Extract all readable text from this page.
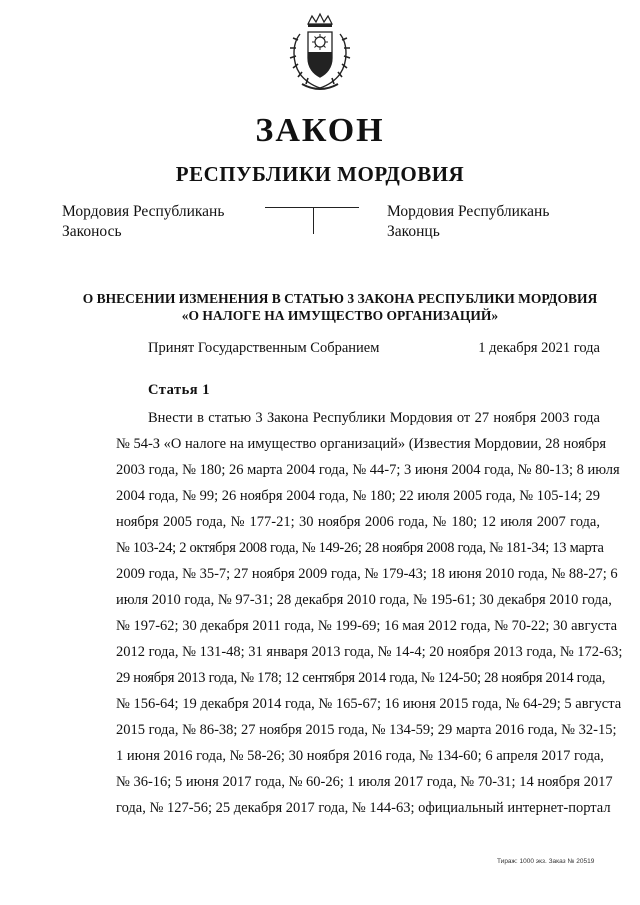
ЗАКОН
РЕСПУБЛИКИ МОРДОВИЯ
Мордовия Республикань
Законось
Мордовия Республикань
Законць
О ВНЕСЕНИИ ИЗМЕНЕНИЯ В СТАТЬЮ 3 ЗАКОНА РЕСПУБЛИКИ МОРДОВИЯ
«О НАЛОГЕ НА ИМУЩЕСТВО ОРГАНИЗАЦИЙ»
Принят Государственным Собранием	1 декабря 2021 года
Статья 1
Внести в статью 3 Закона Республики Мордовия от 27 ноября 2003 года
№ 54-З «О налоге на имущество организаций» (Известия Мордовии, 28 ноября
2003 года, № 180; 26 марта 2004 года, № 44-7; 3 июня 2004 года, № 80-13; 8 июля
2004 года, № 99; 26 ноября 2004 года, № 180; 22 июля 2005 года, № 105-14; 29
ноября 2005 года, № 177-21; 30 ноября 2006 года, № 180; 12 июля 2007 года,
№ 103-24; 2 октября 2008 года, № 149-26; 28 ноября 2008 года, № 181-34; 13 марта
2009 года, № 35-7; 27 ноября 2009 года, № 179-43; 18 июня 2010 года, № 88-27; 6
июля 2010 года, № 97-31; 28 декабря 2010 года, № 195-61; 30 декабря 2010 года,
№ 197-62; 30 декабря 2011 года, № 199-69; 16 мая 2012 года, № 70-22; 30 августа
2012 года, № 131-48; 31 января 2013 года, № 14-4; 20 ноября 2013 года, № 172-63;
29 ноября 2013 года, № 178; 12 сентября 2014 года, № 124-50; 28 ноября 2014 года,
№ 156-64; 19 декабря 2014 года, № 165-67; 16 июня 2015 года, № 64-29; 5 августа
2015 года, № 86-38; 27 ноября 2015 года, № 134-59; 29 марта 2016 года, № 32-15;
1 июня 2016 года, № 58-26; 30 ноября 2016 года, № 134-60; 6 апреля 2017 года,
№ 36-16; 5 июня 2017 года, № 60-26; 1 июля 2017 года, № 70-31; 14 ноября 2017
года, № 127-56; 25 декабря 2017 года, № 144-63; официальный интернет-портал
Тираж: 1000 экз. Заказ № 20519
